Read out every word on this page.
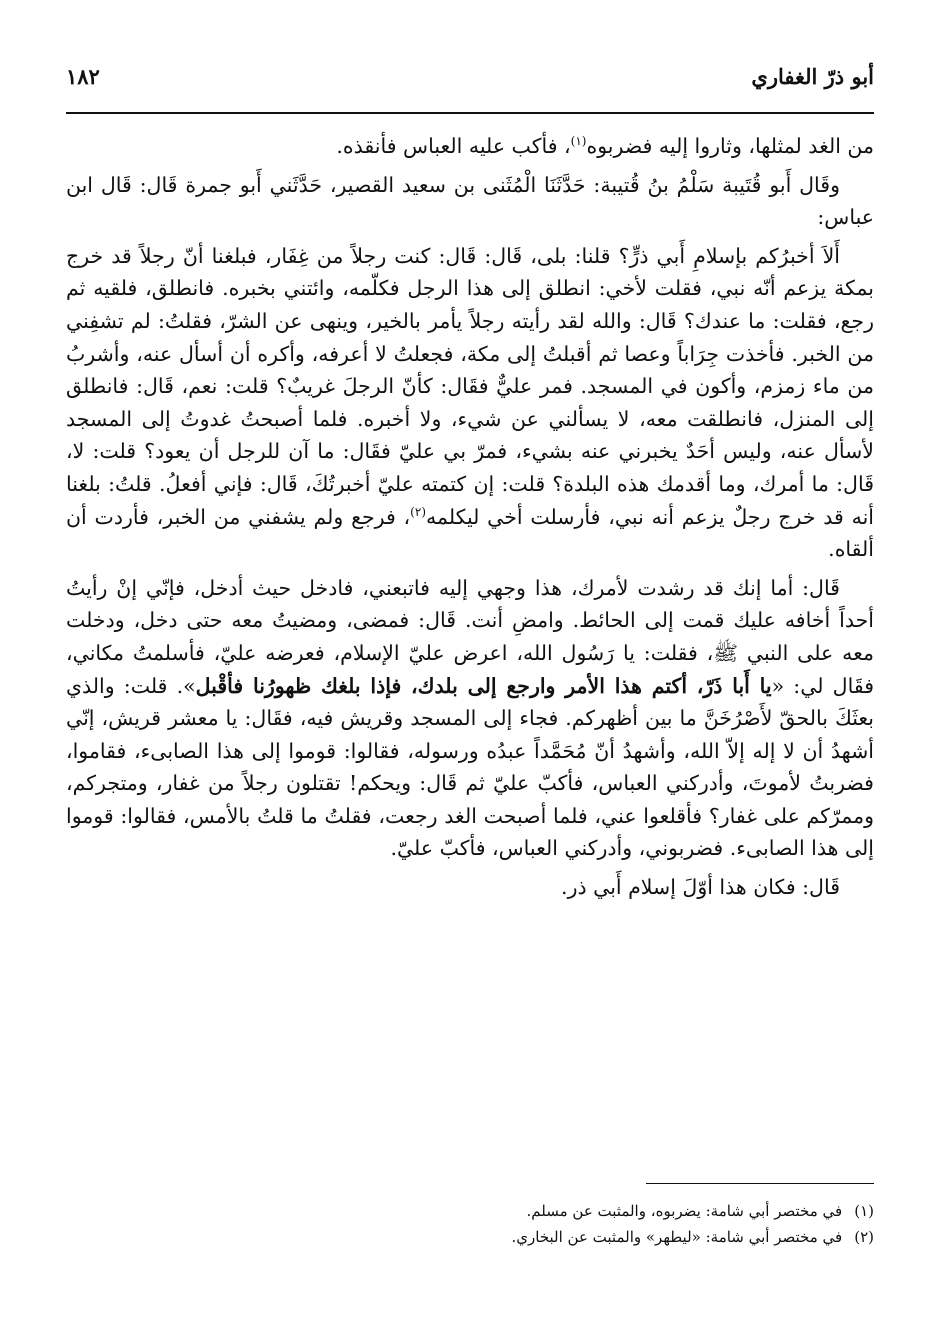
أبو ذرّ الغفاري
١٨٢

من الغد لمثلها، وثاروا إليه فضربوه$^{(١)}$، فأكب عليه العباس فأنقذه.

وقَال أَبو قُتَيبة سَلْمُ بنُ قُتيبة: حَدَّثَنَا الْمُثَنى بن سعيد القصير، حَدَّثَني أَبو جمرة قَال: قَال ابن عباس:

أَلاَ أخبرُكم بإسلامِ أَبي ذرٍّ؟ قلنا: بلى، قَال: قَال: كنت رجلاً من غِفَار، فبلغنا أنّ رجلاً قد خرج بمكة يزعم أنّه نبي، فقلت لأخي: انطلق إلى هذا الرجل فكلّمه، وائتني بخبره. فانطلق، فلقيه ثم رجع، فقلت: ما عندك؟ قَال: والله لقد رأيته رجلاً يأمر بالخير، وينهى عن الشرّ، فقلتُ: لم تشفِني من الخبر. فأخذت جِرَاباً وعصا ثم أقبلتُ إلى مكة، فجعلتُ لا أعرفه، وأكره أن أسأل عنه، وأشربُ من ماء زمزم، وأكون في المسجد. فمر عليٌّ فقَال: كأنّ الرجلَ غريبٌ؟ قلت: نعم، قَال: فانطلق إلى المنزل، فانطلقت معه، لا يسألني عن شيء، ولا أخبره. فلما أصبحتُ غدوتُ إلى المسجد لأسأل عنه، وليس أحَدٌ يخبرني عنه بشيء، فمرّ بي عليّ فقَال: ما آن للرجل أن يعود؟ قلت: لا، قَال: ما أمرك، وما أقدمك هذه البلدة؟ قلت: إن كتمته عليّ أخبرتُكَ، قَال: فإني أفعلُ. قلتُ: بلغنا أنه قد خرج رجلٌ يزعم أنه نبي، فأرسلت أخي ليكلمه$^{(٢)}$، فرجع ولم يشفني من الخبر، فأردت أن ألقاه.

قَال: أما إنك قد رشدت لأمرك، هذا وجهي إليه فاتبعني، فادخل حيث أدخل، فإنّي إنْ رأيتُ أحداً أخافه عليك قمت إلى الحائط. وامضِ أنت. قَال: فمضى، ومضيتُ معه حتى دخل، ودخلت معه على النبي ﷺ، فقلت: يا رَسُول الله، اعرض عليّ الإسلام، فعرضه عليّ، فأسلمتُ مكاني، فقَال لي: «يا أَبا ذَرّ، أكتم هذا الأمر وارجع إلى بلدك، فإذا بلغك ظهورُنا فأقْبل». قلت: والذي بعثَكَ بالحقّ لأَصْرُخَنَّ ما بين أظهركم. فجاء إلى المسجد وقريش فيه، فقَال: يا معشر قريش، إنّي أشهدُ أن لا إله إلاّ الله، وأشهدُ أنّ مُحَمَّداً عبدُه ورسوله، فقالوا: قوموا إلى هذا الصابىء، فقاموا، فضربتُ لأموتَ، وأدركني العباس، فأكبّ عليّ ثم قَال: ويحكم! تقتلون رجلاً من غفار، ومتجركم، وممرّكم على غفار؟ فأقلعوا عني، فلما أصبحت الغد رجعت، فقلتُ ما قلتُ بالأمس، فقالوا: قوموا إلى هذا الصابىء. فضربوني، وأدركني العباس، فأكبّ عليّ.

قَال: فكان هذا أوّلَ إسلام أَبي ذر.

(١)في مختصر أبي شامة: يضربوه، والمثبت عن مسلم.
(٢)في مختصر أبي شامة: «ليطهر» والمثبت عن البخاري.
